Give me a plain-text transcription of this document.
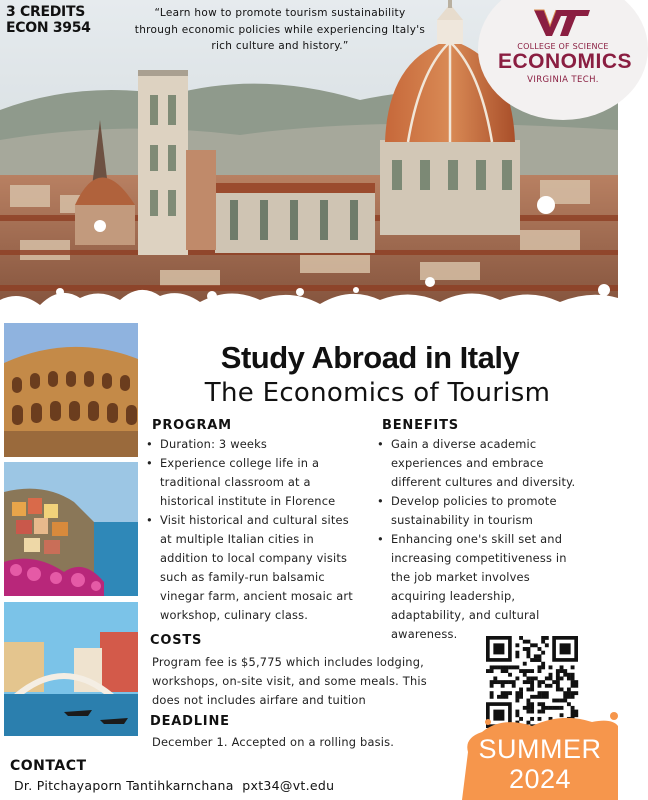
3 CREDITS
ECON 3954
“Learn how to promote tourism sustainability
through economic policies while experiencing Italy's
rich culture and history.”	COLLEGE OF SCIENCE
ECONOMICS
VIRGINIA TECH.
Study Abroad in Italy
The Economics of Tourism
PROGRAM
• Duration: 3 weeks
• Experience college life in a
traditional classroom at a
historical institute in Florence
• Visit historical and cultural sites
at multiple Italian cities in
addition to local company visits
such as family-run balsamic
vinegar farm, ancient mosaic art
workshop, culinary class.
BENEFITS
• Gain a diverse academic
experiences and embrace
different cultures and diversity.
• Develop policies to promote
sustainability in tourism
• Enhancing one's skill set and
increasing competitiveness in
the job market involves
acquiring leadership,
adaptability, and cultural
awareness.
COSTS
Program fee is $5,775 which includes lodging,
workshops, on-site visit, and some meals. This
does not includes airfare and tuition
DEADLINE
December 1. Accepted on a rolling basis.	SUMMER
2024
CONTACT
Dr. Pitchayaporn Tantihkarnchana  pxt34@vt.edu
